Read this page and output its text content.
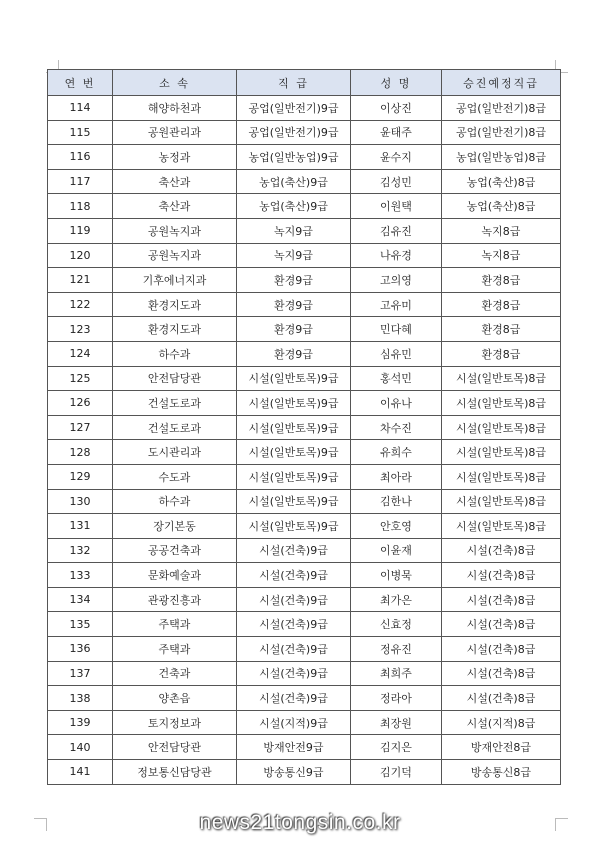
연 번	소 속	직 급	성 명	승진예정직급
114	해양하천과	공업(일반전기)9급	이상진	공업(일반전기)8급
115	공원관리과	공업(일반전기)9급	윤태주	공업(일반전기)8급
116	농정과	농업(일반농업)9급	윤수지	농업(일반농업)8급
117	축산과	농업(축산)9급	김성민	농업(축산)8급
118	축산과	농업(축산)9급	이원택	농업(축산)8급
119	공원녹지과	녹지9급	김유진	녹지8급
120	공원녹지과	녹지9급	나유경	녹지8급
121	기후에너지과	환경9급	고의영	환경8급
122	환경지도과	환경9급	고유미	환경8급
123	환경지도과	환경9급	민다혜	환경8급
124	하수과	환경9급	심유민	환경8급
125	안전담당관	시설(일반토목)9급	홍석민	시설(일반토목)8급
126	건설도로과	시설(일반토목)9급	이유나	시설(일반토목)8급
127	건설도로과	시설(일반토목)9급	차수진	시설(일반토목)8급
128	도시관리과	시설(일반토목)9급	유희수	시설(일반토목)8급
129	수도과	시설(일반토목)9급	최아라	시설(일반토목)8급
130	하수과	시설(일반토목)9급	김한나	시설(일반토목)8급
131	장기본동	시설(일반토목)9급	안호영	시설(일반토목)8급
132	공공건축과	시설(건축)9급	이윤재	시설(건축)8급
133	문화예술과	시설(건축)9급	이병묵	시설(건축)8급
134	관광진흥과	시설(건축)9급	최가은	시설(건축)8급
135	주택과	시설(건축)9급	신효정	시설(건축)8급
136	주택과	시설(건축)9급	정유진	시설(건축)8급
137	건축과	시설(건축)9급	최희주	시설(건축)8급
138	양촌읍	시설(건축)9급	정라아	시설(건축)8급
139	토지정보과	시설(지적)9급	최장원	시설(지적)8급
140	안전담당관	방재안전9급	김지은	방재안전8급
141	정보통신담당관	방송통신9급	김기덕	방송통신8급
news21tongsin.co.kr
